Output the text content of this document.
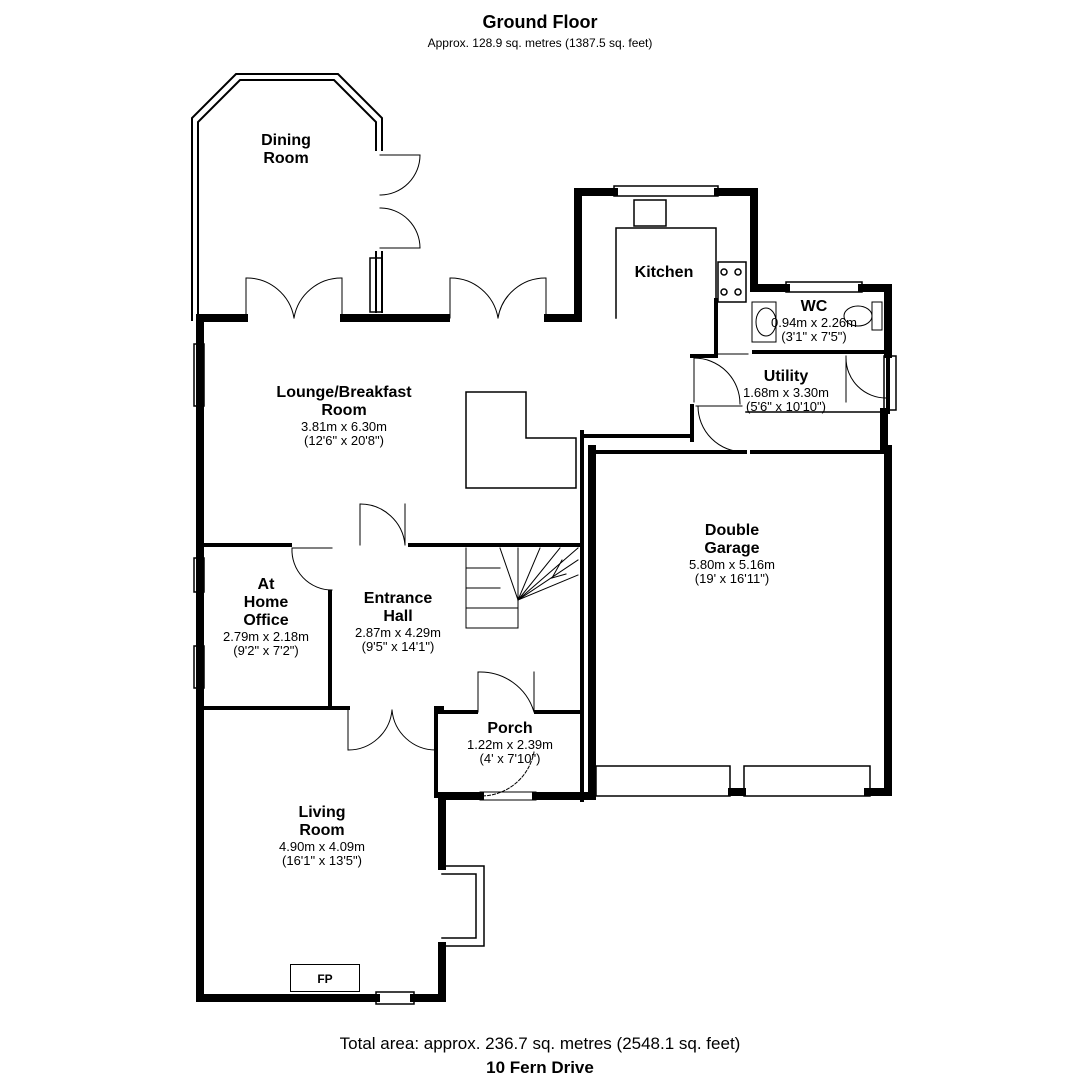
Ground Floor
Approx. 128.9 sq. metres (1387.5 sq. feet)
Dining
Room
Kitchen
WC
0.94m x 2.26m
(3'1" x 7'5")
Utility
1.68m x 3.30m
(5'6" x 10'10")
Lounge/Breakfast
Room
3.81m x 6.30m
(12'6" x 20'8")
Double
Garage
5.80m x 5.16m
(19' x 16'11")
At
Home
Office
2.79m x 2.18m
(9'2" x 7'2")
Entrance
Hall
2.87m x 4.29m
(9'5" x 14'1")
Porch
1.22m x 2.39m
(4' x 7'10")
Living
Room
4.90m x 4.09m
(16'1" x 13'5")
FP
Total area: approx. 236.7 sq. metres (2548.1 sq. feet)
10 Fern Drive
